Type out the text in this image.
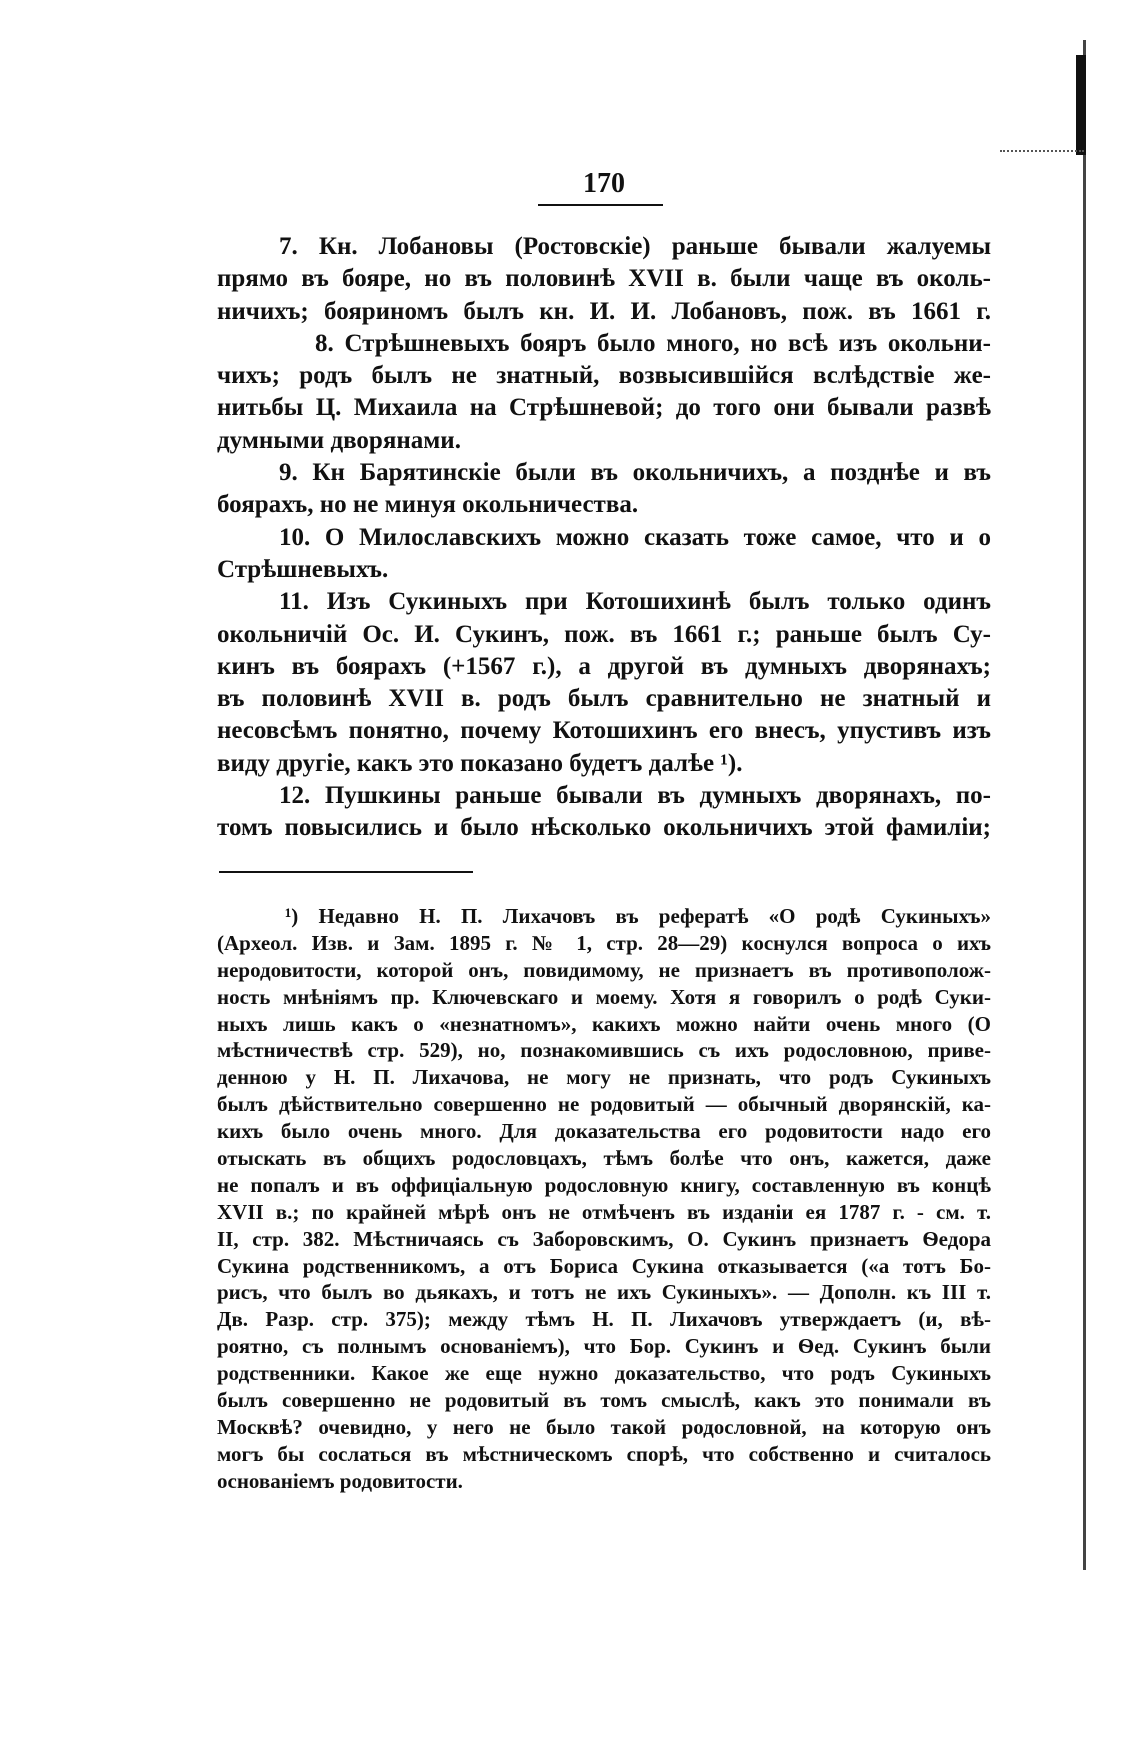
170
7. Кн. Лобановы (Ростовскіе) раньше бывали жалуемы
прямо въ бояре, но въ половинѣ XVII в. были чаще въ околь-
ничихъ; бояриномъ былъ кн. И. И. Лобановъ, пож. въ 1661 г.
8. Стрѣшневыхъ бояръ было много, но всѣ изъ окольни-
чихъ; родъ былъ не знатный, возвысившійся вслѣдствіе же-
нитьбы Ц. Михаила на Стрѣшневой; до того они бывали развѣ
думными дворянами.
9. Кн Барятинскіе были въ окольничихъ, а позднѣе и въ
боярахъ, но не минуя окольничества.
10. О Милославскихъ можно сказать тоже самое, что и о
Стрѣшневыхъ.
11. Изъ Сукиныхъ при Котошихинѣ былъ только одинъ
окольничій Ос. И. Сукинъ, пож. въ 1661 г.; раньше былъ Су-
кинъ въ боярахъ (+1567 г.), а другой въ думныхъ дворянахъ;
въ половинѣ XVII в. родъ былъ сравнительно не знатный и
несовсѣмъ понятно, почему Котошихинъ его внесъ, упустивъ изъ
виду другіе, какъ это показано будетъ далѣе ¹).
12. Пушкины раньше бывали въ думныхъ дворянахъ, по-
томъ повысились и было нѣсколько окольничихъ этой фамиліи;
¹) Недавно Н. П. Лихачовъ въ рефератѣ «О родѣ Сукиныхъ»
(Археол. Изв. и Зам. 1895 г. № 1, стр. 28—29) коснулся вопроса о ихъ
неродовитости, которой онъ, повидимому, не признаетъ въ противополож-
ность мнѣніямъ пр. Ключевскаго и моему. Хотя я говорилъ о родѣ Суки-
ныхъ лишь какъ о «незнатномъ», какихъ можно найти очень много (О
мѣстничествѣ стр. 529), но, познакомившись съ ихъ родословною, приве-
денною у Н. П. Лихачова, не могу не признать, что родъ Сукиныхъ
былъ дѣйствительно совершенно не родовитый — обычный дворянскій, ка-
кихъ было очень много. Для доказательства его родовитости надо его
отыскать въ общихъ родословцахъ, тѣмъ болѣе что онъ, кажется, даже
не попалъ и въ оффиціальную родословную книгу, составленную въ концѣ
XVII в.; по крайней мѣрѣ онъ не отмѣченъ въ изданіи ея 1787 г. - см. т.
II, стр. 382. Мѣстничаясь съ Заборовскимъ, О. Сукинъ признаетъ Ѳедора
Сукина родственникомъ, а отъ Бориса Сукина отказывается («а тотъ Бо-
рисъ, что былъ во дьякахъ, и тотъ не ихъ Сукиныхъ». — Дополн. къ III т.
Дв. Разр. стр. 375); между тѣмъ Н. П. Лихачовъ утверждаетъ (и, вѣ-
роятно, съ полнымъ основаніемъ), что Бор. Сукинъ и Ѳед. Сукинъ были
родственники. Какое же еще нужно доказательство, что родъ Сукиныхъ
былъ совершенно не родовитый въ томъ смыслѣ, какъ это понимали въ
Москвѣ? очевидно, у него не было такой родословной, на которую онъ
могъ бы сослаться въ мѣстническомъ спорѣ, что собственно и считалось
основаніемъ родовитости.
